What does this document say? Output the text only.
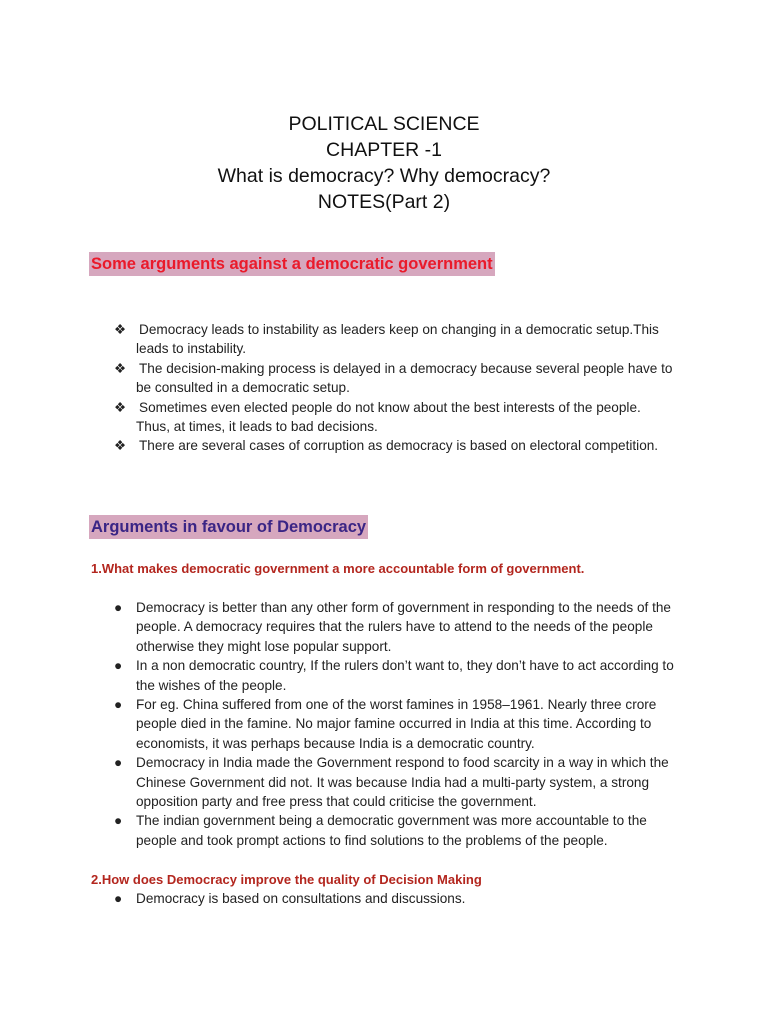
POLITICAL SCIENCE
CHAPTER -1
What is democracy? Why democracy?
NOTES(Part 2)
Some arguments against a democratic government
❖ Democracy leads to instability as leaders keep on changing in a democratic setup.This leads to instability.
❖ The decision-making process is delayed in a democracy because several people have to be consulted in a democratic setup.
❖ Sometimes even elected people do not know about the best interests of the people. Thus, at times, it leads to bad decisions.
❖ There are several cases of corruption as democracy is based on electoral competition.
Arguments in favour of Democracy
1.What makes democratic government a more accountable form of government.
● Democracy is better than any other form of government in responding to the needs of the people. A democracy requires that the rulers have to attend to the needs of the people otherwise they might lose popular support.
● In a non democratic country, If the rulers don’t want to, they don’t have to act according to the wishes of the people.
● For eg. China suffered from one of the worst famines in 1958–1961. Nearly three crore people died in the famine. No major famine occurred in India at this time. According to economists, it was perhaps because India is a democratic country.
● Democracy in India made the Government respond to food scarcity in a way in which the Chinese Government did not. It was because India had a multi-party system, a strong opposition party and free press that could criticise the government.
● The indian government being a democratic government was more accountable to the people and took prompt actions to find solutions to the problems of the people.
2.How does Democracy improve the quality of Decision Making
● Democracy is based on consultations and discussions.
